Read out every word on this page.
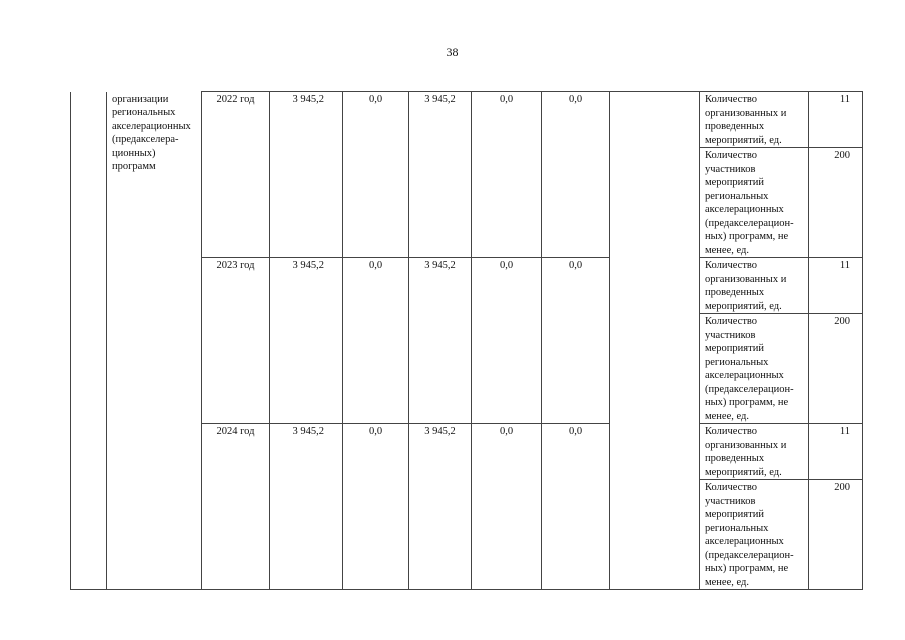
38
	организации региональных акселерационных (предакселерационных) программ	2022 год	3 945,2	0,0	3 945,2	0,0	0,0		Количество организованных и проведенных мероприятий, ед.	11
									Количество участников мероприятий региональных акселерационных (предакселерационных) программ, не менее, ед.	200
		2023 год	3 945,2	0,0	3 945,2	0,0	0,0		Количество организованных и проведенных мероприятий, ед.	11
									Количество участников мероприятий региональных акселерационных (предакселерационных) программ, не менее, ед.	200
		2024 год	3 945,2	0,0	3 945,2	0,0	0,0		Количество организованных и проведенных мероприятий, ед.	11
									Количество участников мероприятий региональных акселерационных (предакселерационных) программ, не менее, ед.	200
